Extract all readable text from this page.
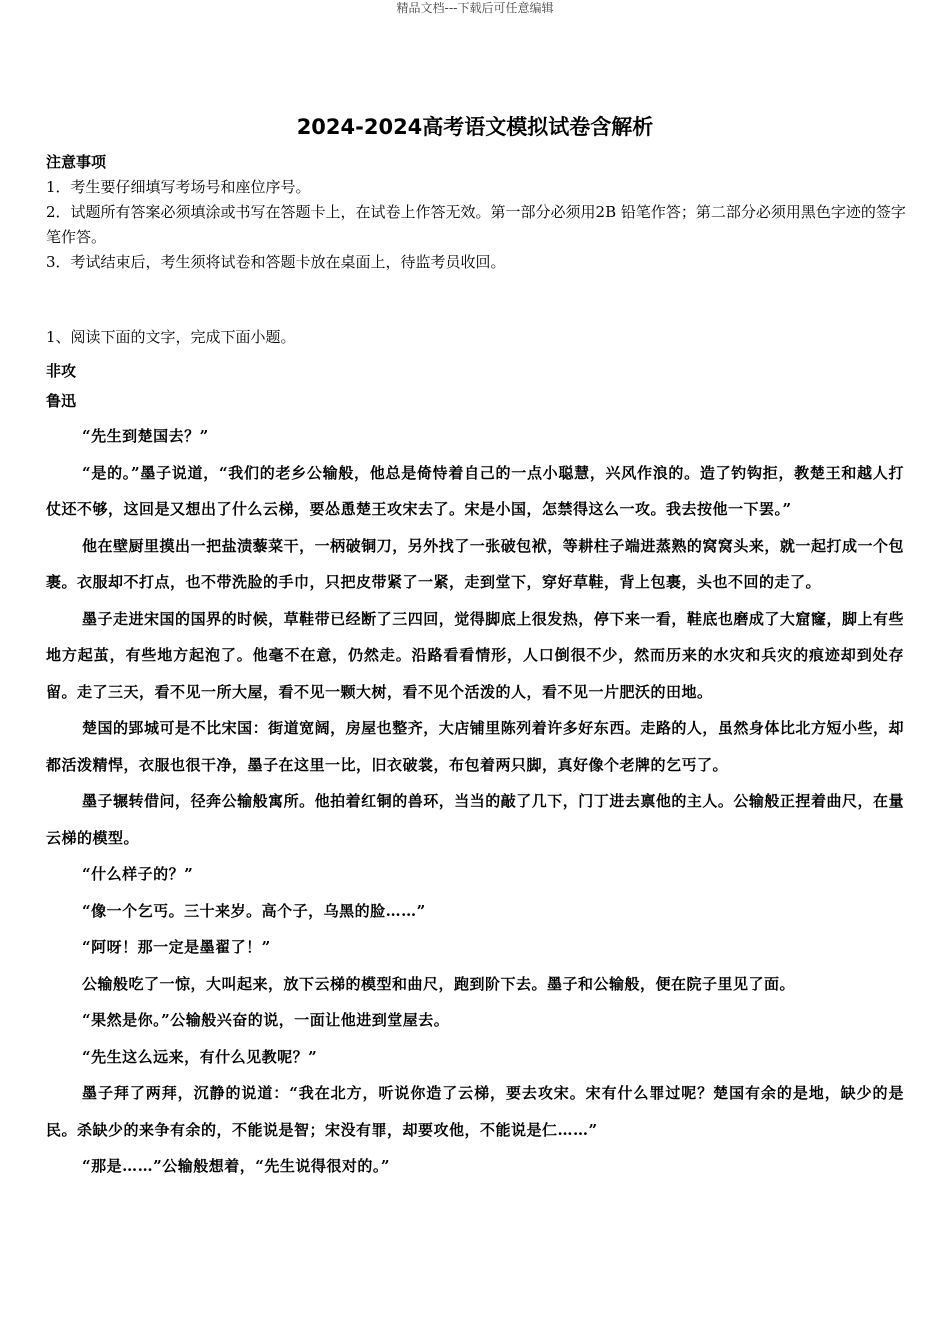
精品文档---下载后可任意编辑
2024-2024高考语文模拟试卷含解析
注意事项
1．考生要仔细填写考场号和座位序号。
2．试题所有答案必须填涂或书写在答题卡上，在试卷上作答无效。第一部分必须用2B 铅笔作答；第二部分必须用黑色字迹的签字笔作答。
3．考试结束后，考生须将试卷和答题卡放在桌面上，待监考员收回。
1、阅读下面的文字，完成下面小题。
非攻
鲁迅

“先生到楚国去？”

“是的。”墨子说道，“我们的老乡公输般，他总是倚恃着自己的一点小聪慧，兴风作浪的。造了钓钩拒，教楚王和越人打仗还不够，这回是又想出了什么云梯，要怂恿楚王攻宋去了。宋是小国，怎禁得这么一攻。我去按他一下罢。”

他在壁厨里摸出一把盐渍藜菜干，一柄破铜刀，另外找了一张破包袱，等耕柱子端进蒸熟的窝窝头来，就一起打成一个包裹。衣服却不打点，也不带洗脸的手巾，只把皮带紧了一紧，走到堂下，穿好草鞋，背上包裹，头也不回的走了。

墨子走进宋国的国界的时候，草鞋带已经断了三四回，觉得脚底上很发热，停下来一看，鞋底也磨成了大窟窿，脚上有些地方起茧，有些地方起泡了。他毫不在意，仍然走。沿路看看情形，人口倒很不少，然而历来的水灾和兵灾的痕迹却到处存留。走了三天，看不见一所大屋，看不见一颗大树，看不见个活泼的人，看不见一片肥沃的田地。

楚国的郢城可是不比宋国：街道宽阔，房屋也整齐，大店铺里陈列着许多好东西。走路的人，虽然身体比北方短小些，却都活泼精悍，衣服也很干净，墨子在这里一比，旧衣破裳，布包着两只脚，真好像个老牌的乞丐了。

墨子辗转借问，径奔公输般寓所。他拍着红铜的兽环，当当的敲了几下，门丁进去禀他的主人。公输般正捏着曲尺，在量云梯的模型。

“什么样子的？”

“像一个乞丐。三十来岁。高个子，乌黑的脸……”

“阿呀！那一定是墨翟了！”

公输般吃了一惊，大叫起来，放下云梯的模型和曲尺，跑到阶下去。墨子和公输般，便在院子里见了面。

“果然是你。”公输般兴奋的说，一面让他进到堂屋去。

“先生这么远来，有什么见教呢？”

墨子拜了两拜，沉静的说道：“我在北方，听说你造了云梯，要去攻宋。宋有什么罪过呢？楚国有余的是地，缺少的是民。杀缺少的来争有余的，不能说是智；宋没有罪，却要攻他，不能说是仁……”

“那是……”公输般想着，“先生说得很对的。”
